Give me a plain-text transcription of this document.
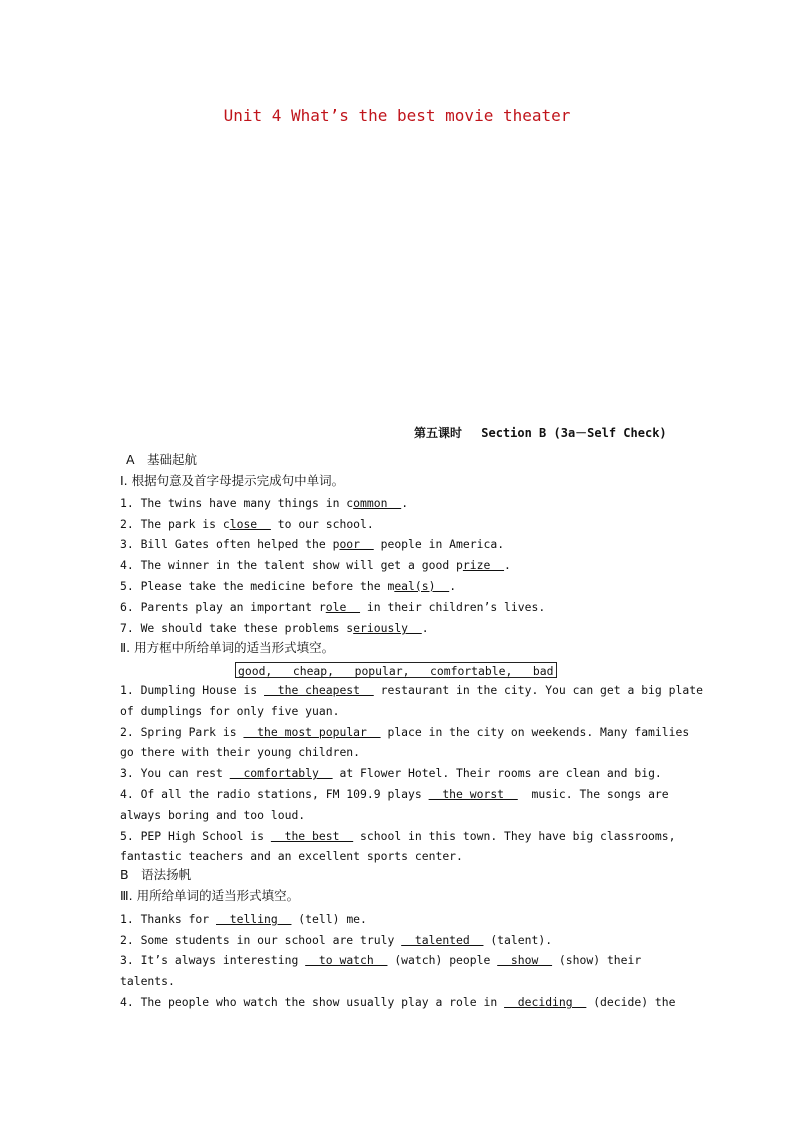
Unit 4 What’s the best movie theater
第五课时 Section B (3a－Self Check)
A　基础起航
Ⅰ. 根据句意及首字母提示完成句中单词。
1. The twins have many things in common  .
2. The park is close   to our school.
3. Bill Gates often helped the poor   people in America.
4. The winner in the talent show will get a good prize  .
5. Please take the medicine before the meal(s)  .
6. Parents play an important role   in their children’s lives.
7. We should take these problems seriously  .
Ⅱ. 用方框中所给单词的适当形式填空。
good,   cheap,   popular,   comfortable,   bad
1. Dumpling House is   the cheapest   restaurant in the city. You can get a big plate
of dumplings for only five yuan.
2. Spring Park is   the most popular   place in the city on weekends. Many families
go there with their young children.
3. You can rest   comfortably   at Flower Hotel. Their rooms are clean and big.
4. Of all the radio stations, FM 109.9 plays   the worst    music. The songs are
always boring and too loud.
5. PEP High School is   the best   school in this town. They have big classrooms,
fantastic teachers and an excellent sports center.
B　语法扬帆
Ⅲ. 用所给单词的适当形式填空。
1. Thanks for   telling   (tell) me.
2. Some students in our school are truly   talented   (talent).
3. It’s always interesting   to watch   (watch) people   show   (show) their
talents.
4. The people who watch the show usually play a role in   deciding   (decide) the
